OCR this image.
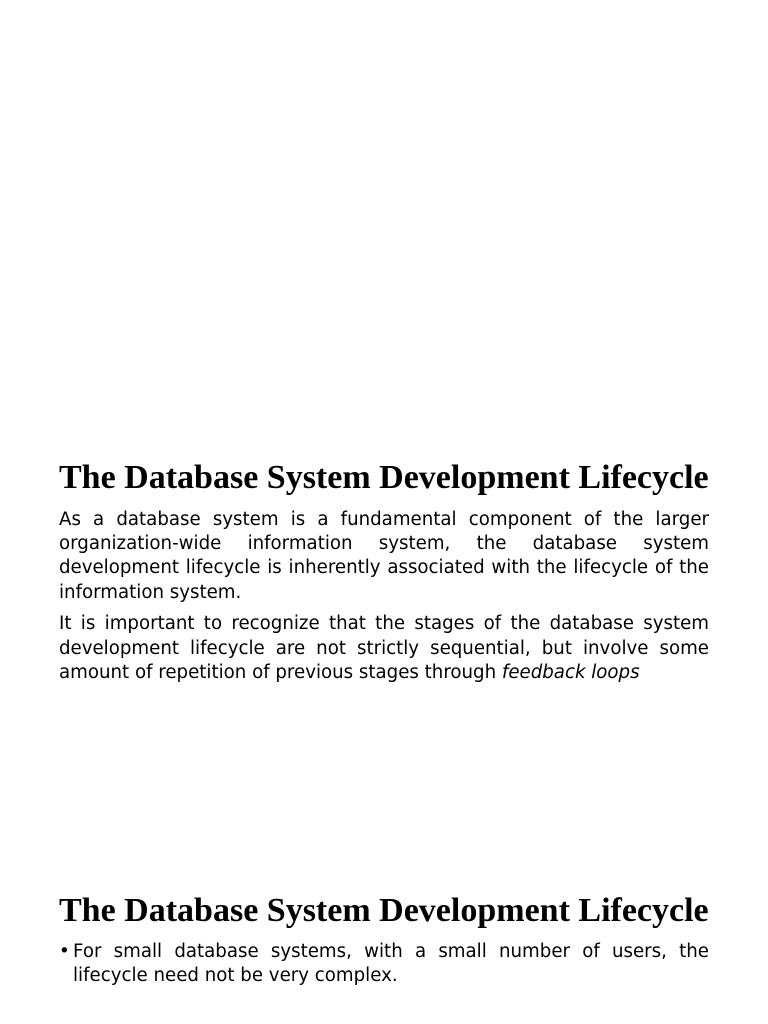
The Database System Development Lifecycle

As a database system is a fundamental component of the larger organization-wide information system, the database system development lifecycle is inherently associated with the lifecycle of the information system.

It is important to recognize that the stages of the database system development lifecycle are not strictly sequential, but involve some amount of repetition of previous stages through feedback loops

The Database System Development Lifecycle
• For small database systems, with a small number of users, the lifecycle need not be very complex.
